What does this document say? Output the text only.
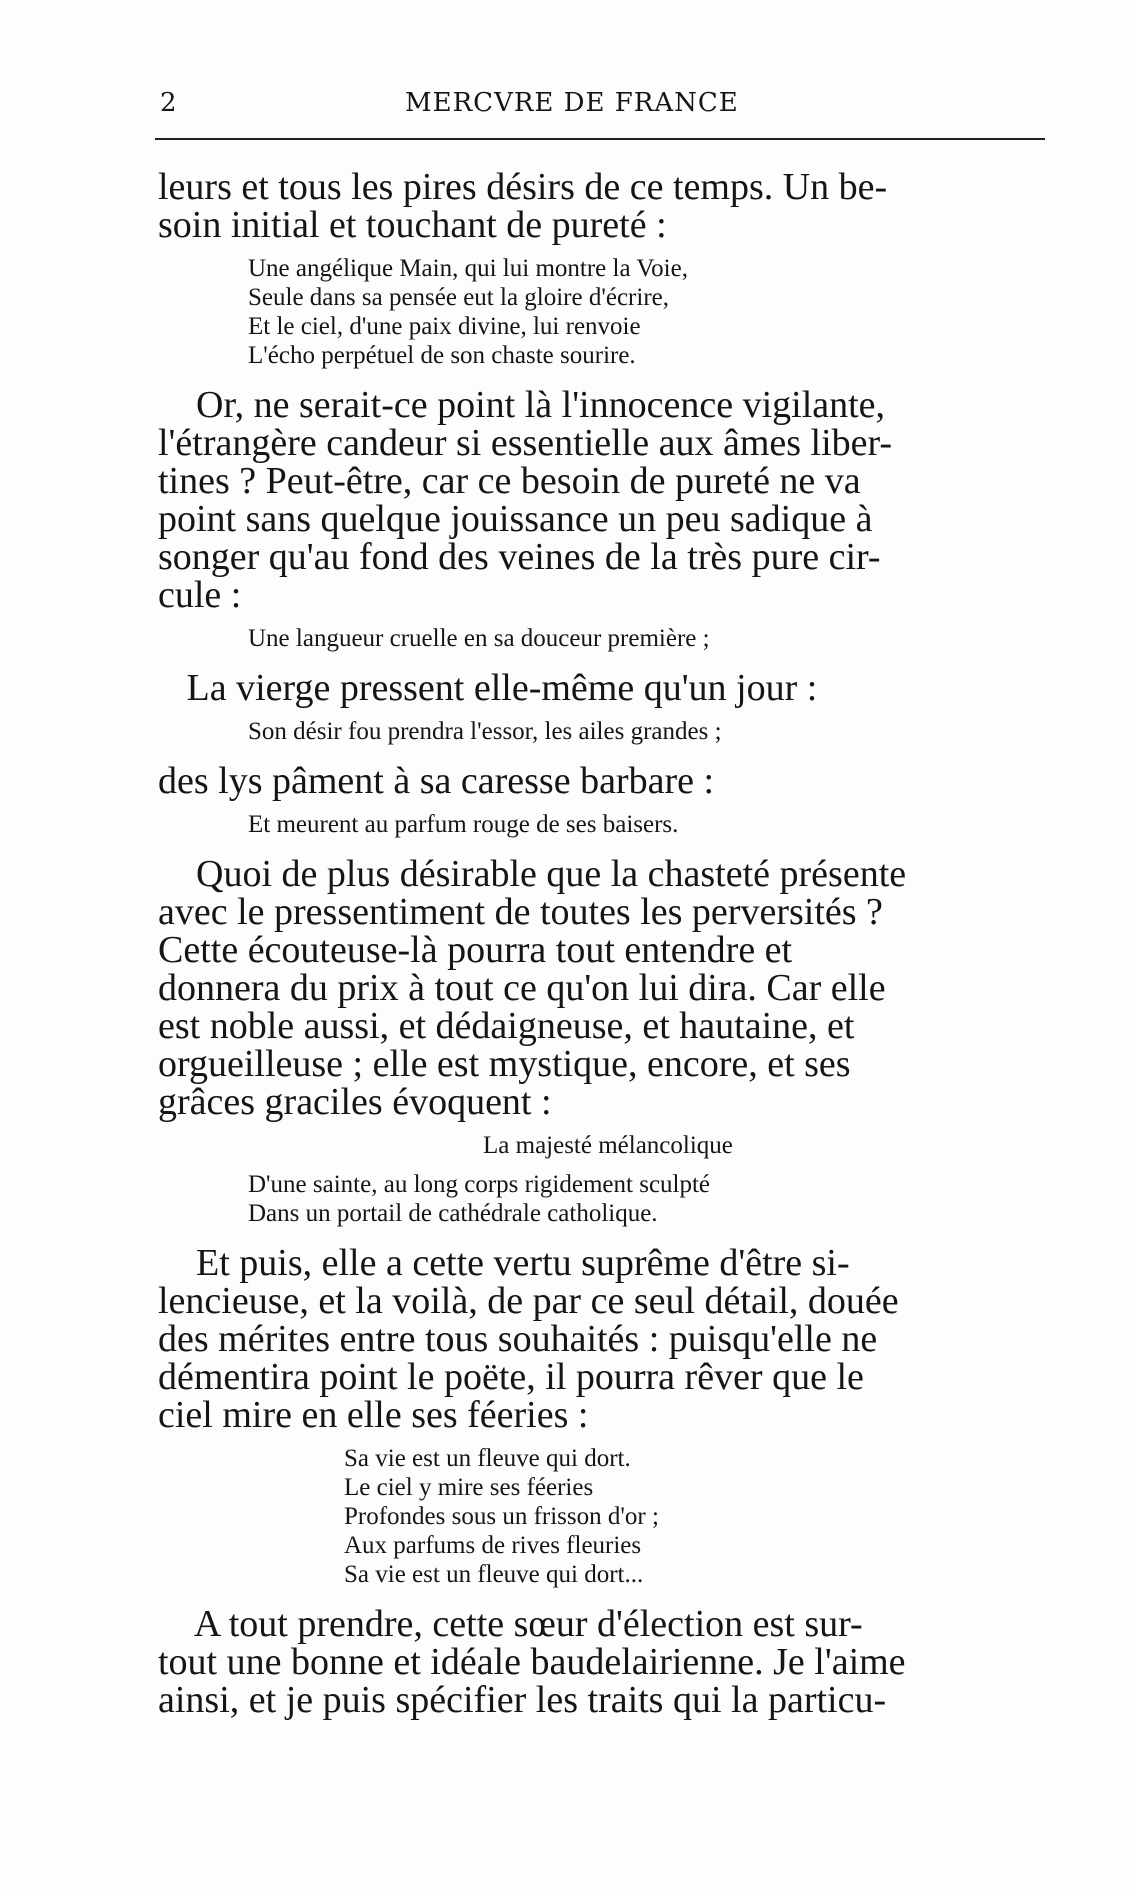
2	MERCVRE DE FRANCE
leurs et tous les pires désirs de ce temps. Un be-
soin initial et touchant de pureté :
Une angélique Main, qui lui montre la Voie,
Seule dans sa pensée eut la gloire d'écrire,
Et le ciel, d'une paix divine, lui renvoie
L'écho perpétuel de son chaste sourire.
Or, ne serait-ce point là l'innocence vigilante,
l'étrangère candeur si essentielle aux âmes liber-
tines ? Peut-être, car ce besoin de pureté ne va
point sans quelque jouissance un peu sadique à
songer qu'au fond des veines de la très pure cir-
cule :
Une langueur cruelle en sa douceur première ;
La vierge pressent elle-même qu'un jour :
Son désir fou prendra l'essor, les ailes grandes ;
des lys pâment à sa caresse barbare :
Et meurent au parfum rouge de ses baisers.
Quoi de plus désirable que la chasteté présente
avec le pressentiment de toutes les perversités ?
Cette écouteuse-là pourra tout entendre et
donnera du prix à tout ce qu'on lui dira. Car elle
est noble aussi, et dédaigneuse, et hautaine, et
orgueilleuse ; elle est mystique, encore, et ses
grâces graciles évoquent :
La majesté mélancolique
D'une sainte, au long corps rigidement sculpté
Dans un portail de cathédrale catholique.
Et puis, elle a cette vertu suprême d'être si-
lencieuse, et la voilà, de par ce seul détail, douée
des mérites entre tous souhaités : puisqu'elle ne
démentira point le poëte, il pourra rêver que le
ciel mire en elle ses féeries :
Sa vie est un fleuve qui dort.
Le ciel y mire ses féeries
Profondes sous un frisson d'or ;
Aux parfums de rives fleuries
Sa vie est un fleuve qui dort...
A tout prendre, cette sœur d'élection est sur-
tout une bonne et idéale baudelairienne. Je l'aime
ainsi, et je puis spécifier les traits qui la particu-
